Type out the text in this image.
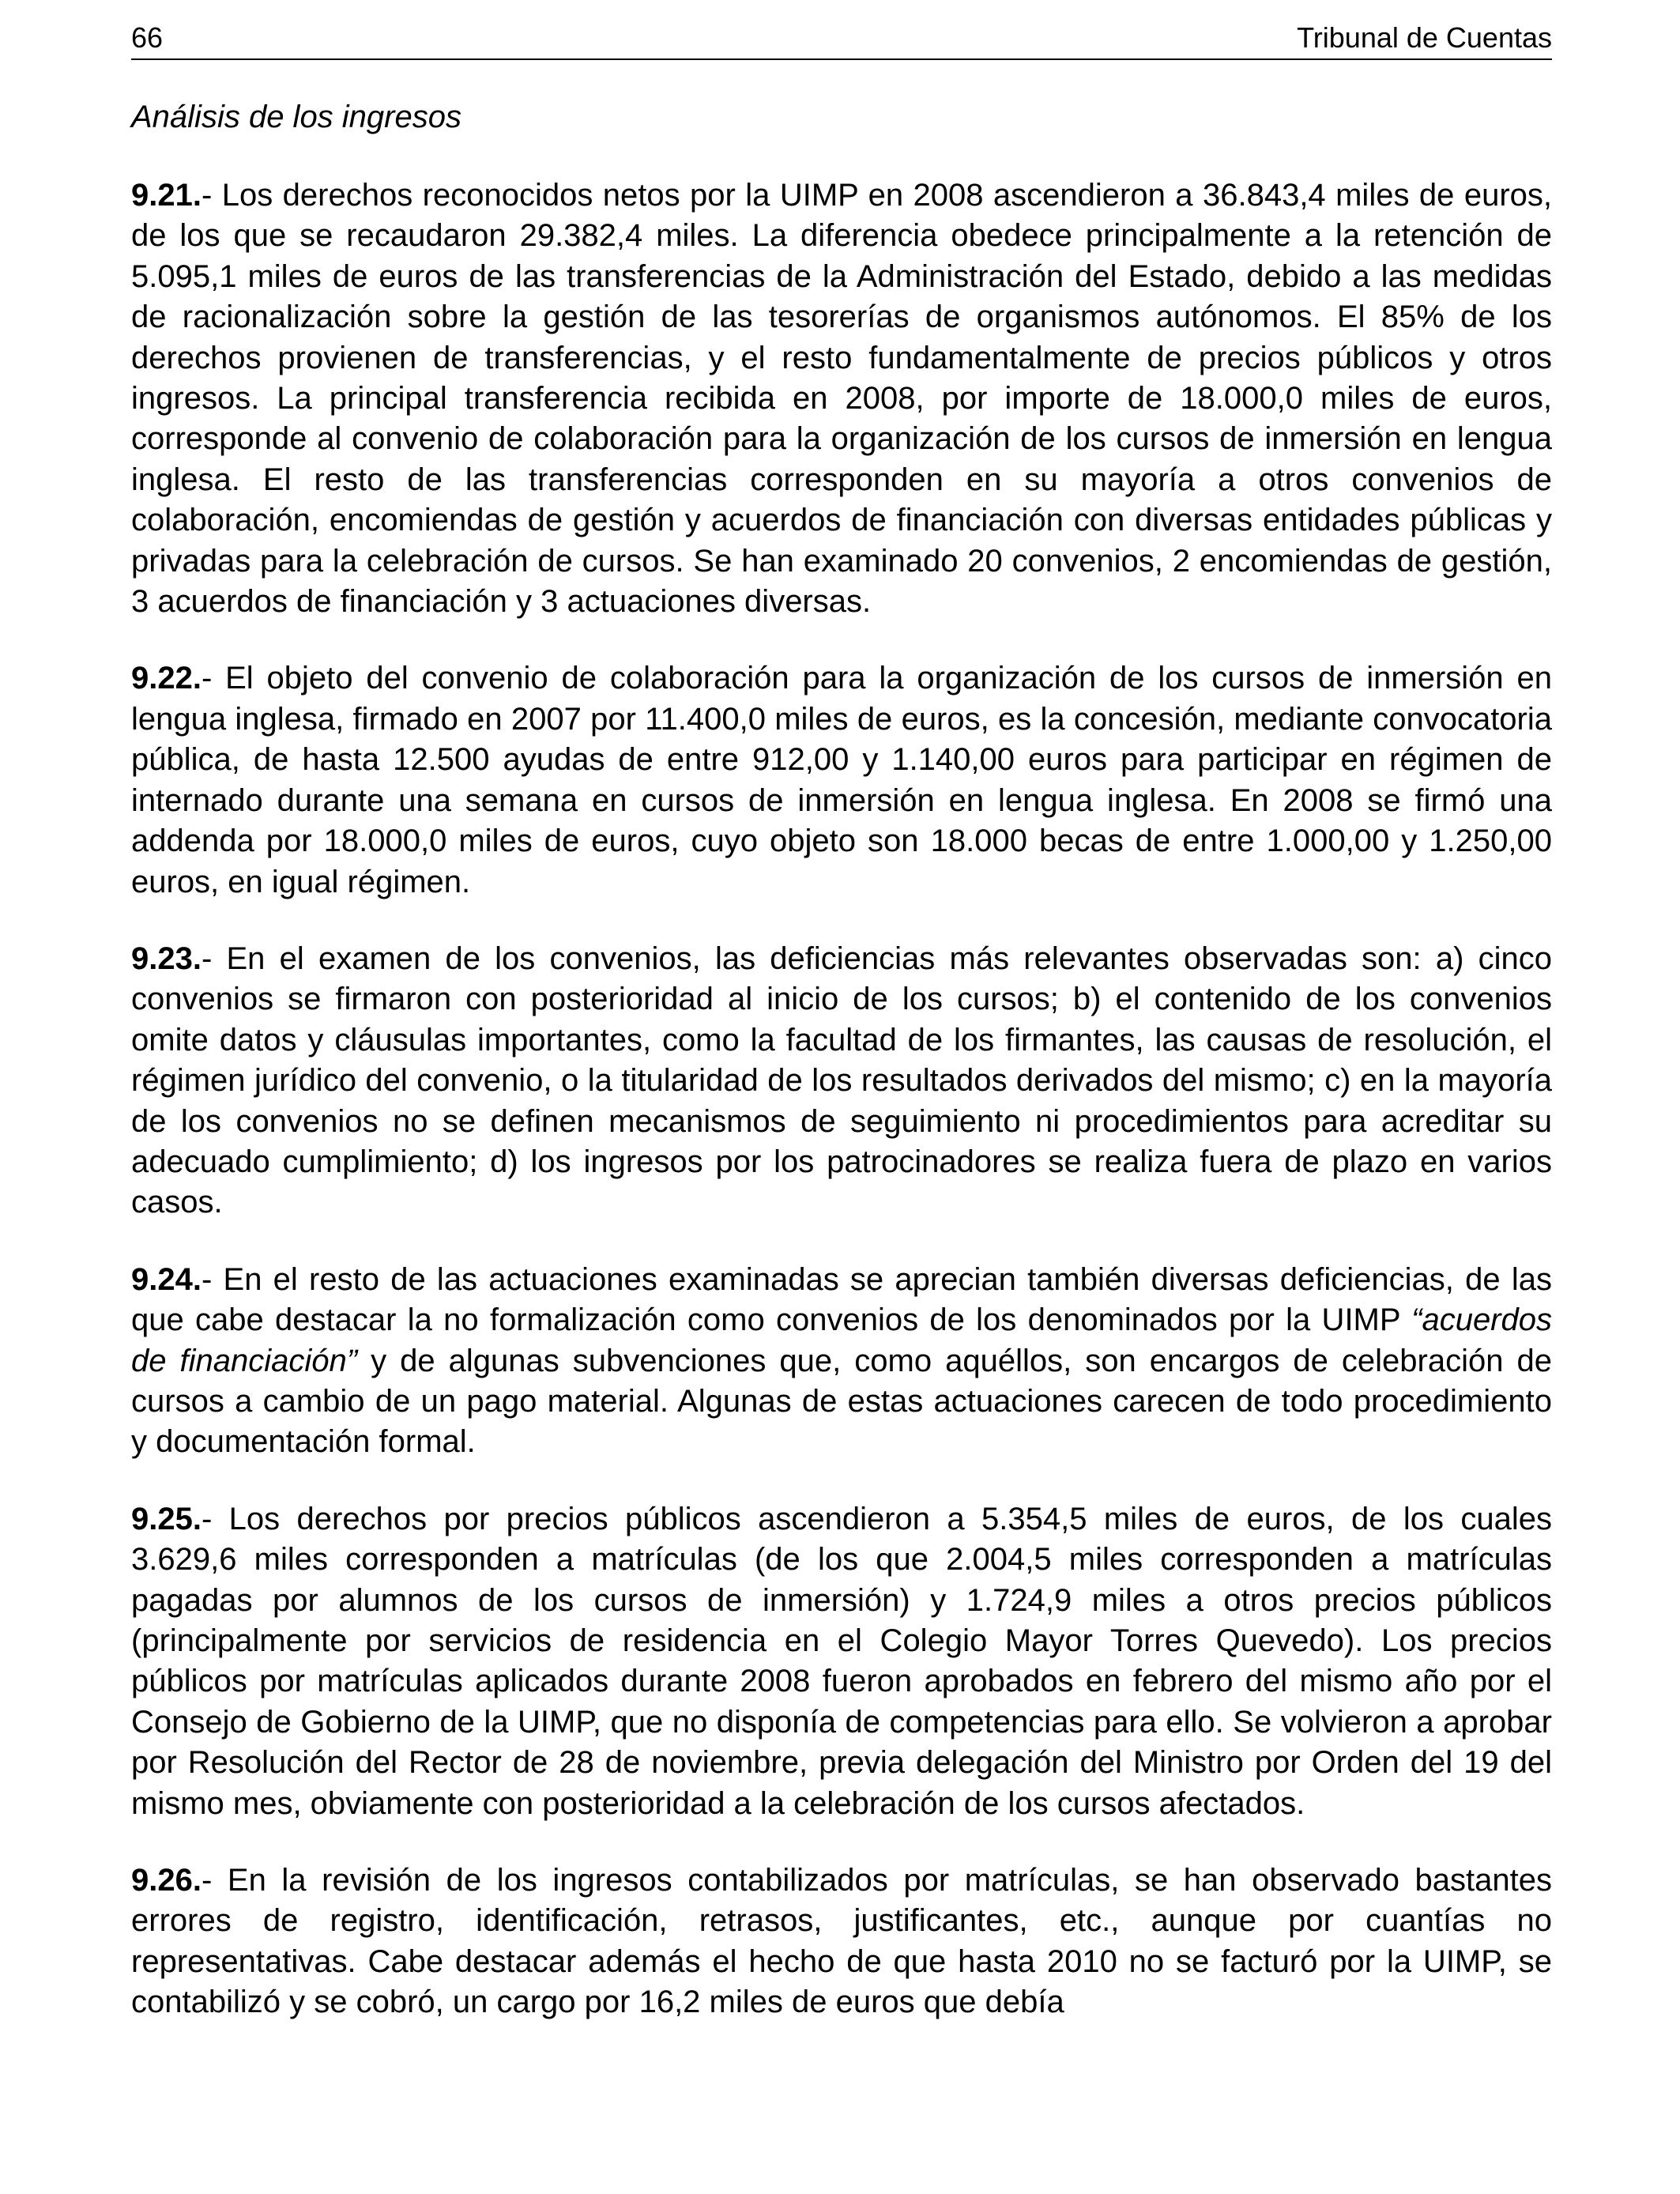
66	Tribunal de Cuentas
Análisis de los ingresos

9.21.- Los derechos reconocidos netos por la UIMP en 2008 ascendieron a 36.843,4 miles de euros, de los que se recaudaron 29.382,4 miles. La diferencia obedece principalmente a la retención de 5.095,1 miles de euros de las transferencias de la Administración del Estado, debido a las medidas de racionalización sobre la gestión de las tesorerías de organismos autónomos. El 85% de los derechos provienen de transferencias, y el resto fundamentalmente de precios públicos y otros ingresos. La principal transferencia recibida en 2008, por importe de 18.000,0 miles de euros, corresponde al convenio de colaboración para la organización de los cursos de inmersión en lengua inglesa. El resto de las transferencias corresponden en su mayoría a otros convenios de colaboración, encomiendas de gestión y acuerdos de financiación con diversas entidades públicas y privadas para la celebración de cursos. Se han examinado 20 convenios, 2 encomiendas de gestión, 3 acuerdos de financiación y 3 actuaciones diversas.

9.22.- El objeto del convenio de colaboración para la organización de los cursos de inmersión en lengua inglesa, firmado en 2007 por 11.400,0 miles de euros, es la concesión, mediante convocatoria pública, de hasta 12.500 ayudas de entre 912,00 y 1.140,00 euros para participar en régimen de internado durante una semana en cursos de inmersión en lengua inglesa. En 2008 se firmó una addenda por 18.000,0 miles de euros, cuyo objeto son 18.000 becas de entre 1.000,00 y 1.250,00 euros, en igual régimen.

9.23.- En el examen de los convenios, las deficiencias más relevantes observadas son: a) cinco convenios se firmaron con posterioridad al inicio de los cursos; b) el contenido de los convenios omite datos y cláusulas importantes, como la facultad de los firmantes, las causas de resolución, el régimen jurídico del convenio, o la titularidad de los resultados derivados del mismo; c) en la mayoría de los convenios no se definen mecanismos de seguimiento ni procedimientos para acreditar su adecuado cumplimiento; d) los ingresos por los patrocinadores se realiza fuera de plazo en varios casos.

9.24.- En el resto de las actuaciones examinadas se aprecian también diversas deficiencias, de las que cabe destacar la no formalización como convenios de los denominados por la UIMP “acuerdos de financiación” y de algunas subvenciones que, como aquéllos, son encargos de celebración de cursos a cambio de un pago material. Algunas de estas actuaciones carecen de todo procedimiento y documentación formal.

9.25.- Los derechos por precios públicos ascendieron a 5.354,5 miles de euros, de los cuales 3.629,6 miles corresponden a matrículas (de los que 2.004,5 miles corresponden a matrículas pagadas por alumnos de los cursos de inmersión) y 1.724,9 miles a otros precios públicos (principalmente por servicios de residencia en el Colegio Mayor Torres Quevedo). Los precios públicos por matrículas aplicados durante 2008 fueron aprobados en febrero del mismo año por el Consejo de Gobierno de la UIMP, que no disponía de competencias para ello. Se volvieron a aprobar por Resolución del Rector de 28 de noviembre, previa delegación del Ministro por Orden del 19 del mismo mes, obviamente con posterioridad a la celebración de los cursos afectados.

9.26.- En la revisión de los ingresos contabilizados por matrículas, se han observado bastantes errores de registro, identificación, retrasos, justificantes, etc., aunque por cuantías no representativas. Cabe destacar además el hecho de que hasta 2010 no se facturó por la UIMP, se contabilizó y se cobró, un cargo por 16,2 miles de euros que debía
